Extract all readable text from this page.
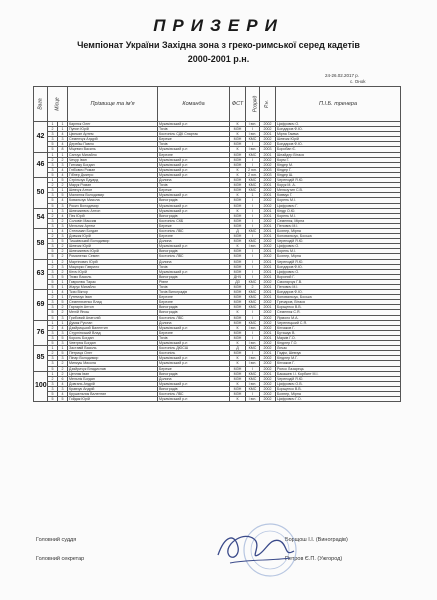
ПРИЗЕРИ
Чемпіонат України Західна зона з греко-римської серед кадетів
2000-2001 р.н.
24-26.02.2017 р.
с. Оноk
Вага	Місце		Прізвище та ім'я	Команда	ФСТ	Розряд	Р.н.	П.І.Б. тренера
42	1	1	Карпюк Олег	Мукачівський р-н	К	І юн.	2002	Цифрович О.
	2	1	Пупин Юрій	Тячів	МЗН	І	2002	Бондаров Ф.Ю.
	3	4	Цюпьян Артем	Костопіль СДК Спартак	К	І юн.	2001	Мірна Гамма
	3	3	Семенчук Андрій	Береже	МЗН	КМС	2002	Шевчик Юрій
	5	4	Дерейш Павло	Тячів	МЗН	І	2002	Бондаров Ф.Ю.
	5	8	Міцевич Василь	Мукачівський р-н	К	І юн.	2003	Боробан Є.
46	1	1	Сапчук Михайло	Березне	МЗН	КМС	2001	Шнайдер Вітася
	2	2	Чечур Іван	Мукачівський р-н	МЗН	І	2002	Корм Г.
	3	3	Гинчаку Богдан	Мукачівський р-н	МЗН	І	2002	Кіндер М.
	3	4	Глібович Роман	Мукачівський р-н	К	2 юн.	2003	Кіндер Г.
	5	4	Гібнер Дмитро	Мукачівський р-н	К	2 юн.	2003	Кіндер Ш.
50	1	5	Стрільчук Едуард	Долина	МЗН	КМС	2002	Череподій Я.Ю.
	2	2	Марук Роман	Тячів	МЗН	КМС	2001	Корук М. А.
	3	1	Шевчук Антон	Береже	МЗН	КМС	2002	Мельчутин С.В.
	3	5	Малянюк Володимир	Мукачівський р-н	К	1	2001	Ковмук Г.
	5	4	Ковальчук Микола	Виноградів	МЗН	І	2002	Корень М.І.
	5	3	Рокич Володимир	Мукачівський р-н	МЗН	І	2002	Цифрович Г.
54	1	3	Шевчикевич Антон	Мукачівський р-н	К	І	2001	Кіндр О.Ю.
	2	4	Пек Юрій	Виноградів	МЗН	І	2001	Корень М.І.
	3	2	Соловін Максим	Костопіль СКБ	МЗН	І	2002	Семенюк, Мірна
	3	3	Мельник Артем	Береже	МЗН	І	2001	Пенович М.І.
58	1	4	Стельман Богдан	Костопіль ЛВС	Д	КМС	2001	Бохнер, Мірна
	2	3	Довжик Юрій	Березне	МЗН	І	2001	Коновальчук, Боська
	3	5	Тишківський Володимир	Долина	МЗН	КМС	2002	Череподій Я.Ю.
	3	2	Шевчик Юрій	Мукачівський р-н	К	І юн.	2002	Цифрович О.
	5	2	Шевчикевич Юрій	Виноградів	МЗН	І	2001	Корень М.І.
	5	2	Романенко Семен	Костопіль ЛВС	МЗН	І	2002	Бохнер, Мірна
63	1	2	Мартінович Юрій	Долина	МЗН	І	2001	Череподій Я.Ю.
	2	3	Мацюрко Гаврило	Тячів	МЗН	І	2001	Бондаров Ф.Ю.
	3	2	Кітич Юрій	Мукачівський р-н	МЗН	І	2001	Цифрович О.
	3	5	Тюмо Василь	Виноградів	ДНЧ	І	2001	Вороний Г.
	5	1	Гаврилюк Тарас	Рівне	ДЗ	КМС	2002	Смолярчук Г.В.
	5	1	Жарук Михайло	Тячів	МЗН	2	2001	Пенович М.І.
69	1	4	Ткач Віктор	Тячів Виноградів	МЗН	КМС	2001	Бондаров Ф.Ю.
	2	1	Гутемчук Іван	Березне	МЗН	КМС	2001	Коновальчук, Боська
	3	5	Семенюченко Влад	Березне	МЗН	КМС	2002	Гречаров, Вітася
	3	2	Гаргарін Антон	Виноградів	МЗН	КМС	2001	Борщенко В.В.
	5	2	Мелій Янош	Виноградів	К	І	2002	Семенюк С.Я.
	5	3	Грибовий Анатолій	Костопіль ЛВС	МЗН	І	2002	Ярмоло М.А.
76	1	1	Думак Руслан	Долина	МЗН	КМС	2002	Черепецький С.Я.
	2	4	Дзяйрицький Валентин	Мукачівський р-н	К	І юн.	2002	Кінчаков Г.
	3	3	Стурпінський Влад	Березне	МЗН	І	2001	Буташук В.
	3	5	Король Богдан	Тячів	МЗН	І	2001	Марків Г.О.
	5	3	Чевтрюк Богдан	Мукачівський р-н	К	І юн.	2002	Кіндлер Г.О.
85	1	1	Заставій Василь	Костопіль ДЮСШ	Д	КМС	2002	Личак
	2	5	Петриця Олег	Костопіль	МЗН	І	2001	Гіздім, Шевчук
	3	3	Пінар Володимир	Мукачівський р-н	К	І юн.	2002	Кіндлер М.Г.
	3	2	Минкуш Микола	Мукачівський р-н	К	І юн.	2002	Кінчаков Г.
	5	2	Дзяйричук Владислав	Береже	МЗН	І	2002	Ролко Лазарець
100	1	2	Цепляк Іван	Виноградів	МЗН	КМС	2001	Бакашев І.І. Корбант М.І.
	2	6	Мельнік Богдан	Долина	МЗН	КМС	2002	Череподій Я.Ю.
	3	4	Довгань Андрій	Мукачівський р-н	К	І юн.	2002	Цифрович О.В.
	3	3	Кравчук Андрій	Виноградів	МЗН	КМС	2002	Борщенко В.В.
	5	4	Крушельник Валентин	Костопіль ЛВС	МЗН	І	2002	Бохнер, Мірна
	5	5	Гойдак Юрій	Мукачівський р-н	К	І юн.	2002	Цифрович Г.О.
Головний суддя	Борщош І.І. (Виноградів)
Головний секретар	Петров Є.П. (Ужгород)
